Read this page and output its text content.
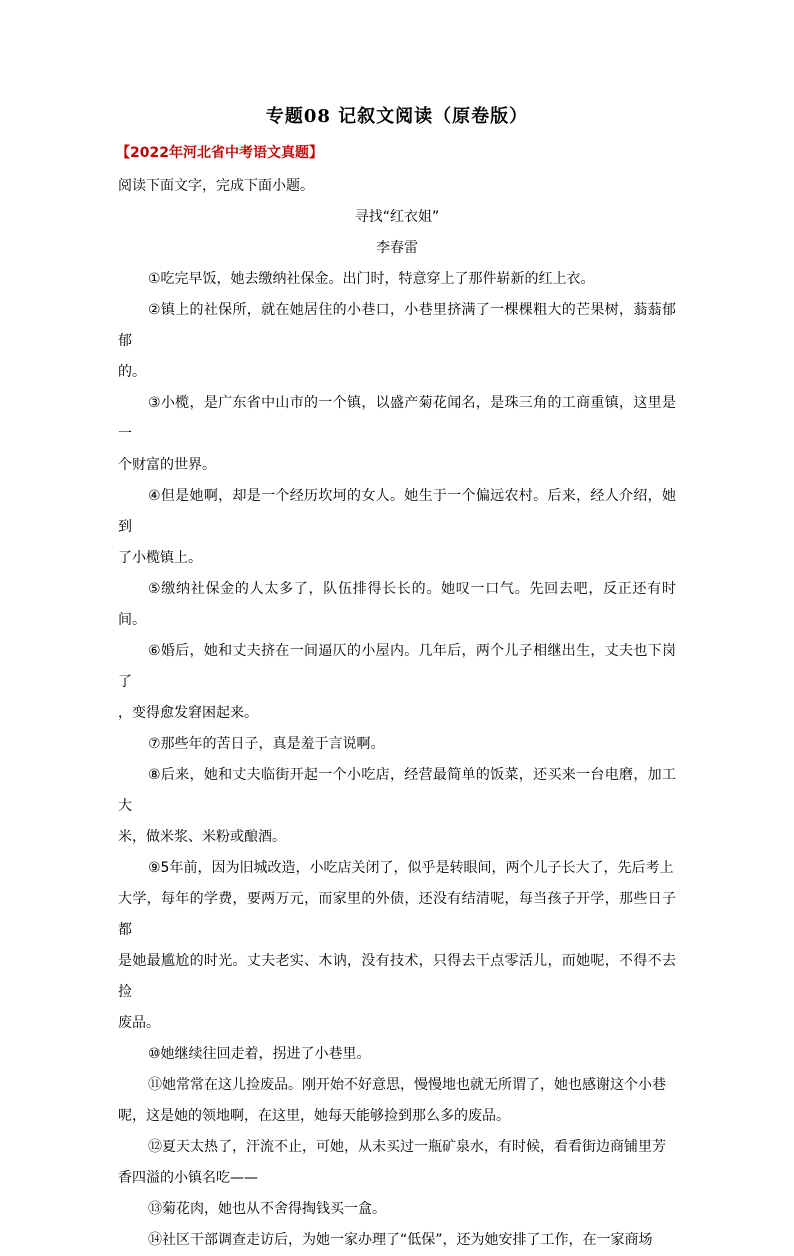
专题08 记叙文阅读（原卷版）
【2022年河北省中考语文真题】
阅读下面文字，完成下面小题。
寻找“红衣姐”
李春雷

①吃完早饭，她去缴纳社保金。出门时，特意穿上了那件崭新的红上衣。

②镇上的社保所，就在她居住的小巷口，小巷里挤满了一棵棵粗大的芒果树，蓊蓊郁郁
的。

③小榄，是广东省中山市的一个镇，以盛产菊花闻名，是珠三角的工商重镇，这里是一
个财富的世界。

④但是她啊，却是一个经历坎坷的女人。她生于一个偏远农村。后来，经人介绍，她到
了小榄镇上。

⑤缴纳社保金的人太多了，队伍排得长长的。她叹一口气。先回去吧，反正还有时间。

⑥婚后，她和丈夫挤在一间逼仄的小屋内。几年后，两个儿子相继出生，丈夫也下岗了
，变得愈发窘困起来。

⑦那些年的苦日子，真是羞于言说啊。

⑧后来，她和丈夫临街开起一个小吃店，经营最简单的饭菜，还买来一台电磨，加工大
米，做米浆、米粉或酿酒。

⑨5年前，因为旧城改造，小吃店关闭了，似乎是转眼间，两个儿子长大了，先后考上
大学，每年的学费，要两万元，而家里的外债，还没有结清呢，每当孩子开学，那些日子都
是她最尴尬的时光。丈夫老实、木讷，没有技术，只得去干点零活儿，而她呢，不得不去捡
废品。

⑩她继续往回走着，拐进了小巷里。

⑪她常常在这儿捡废品。刚开始不好意思，慢慢地也就无所谓了，她也感谢这个小巷
呢，这是她的领地啊，在这里，她每天能够捡到那么多的废品。

⑫夏天太热了，汗流不止，可她，从未买过一瓶矿泉水，有时候，看看街边商铺里芳
香四溢的小镇名吃——

⑬菊花肉，她也从不舍得掏钱买一盒。

⑭社区干部调查走访后，为她一家办理了“低保”，还为她安排了工作，在一家商场
